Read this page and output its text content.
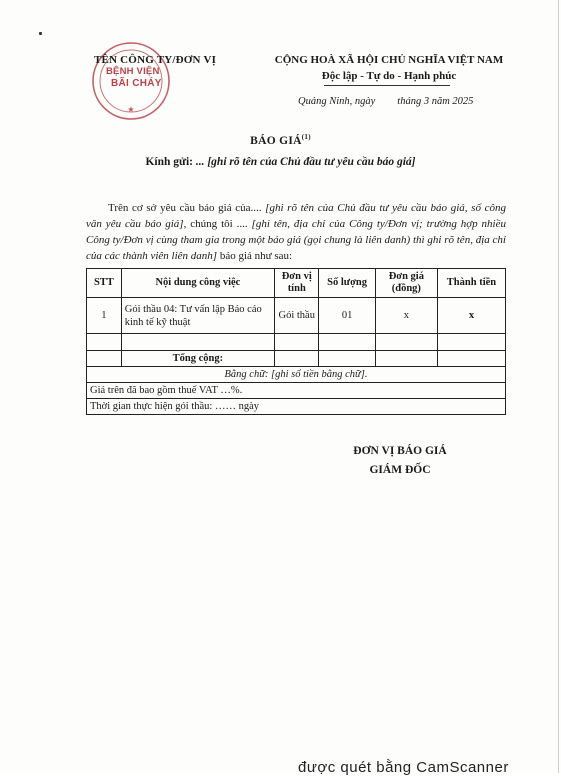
★
TÊN CÔNG TY/ĐƠN VỊ
BỆNH VIỆN
BÃI CHÁY
CỘNG HOÀ XÃ HỘI CHỦ NGHĨA VIỆT NAM
Độc lập - Tự do - Hạnh phúc
Quảng Ninh, ngày tháng 3 năm 2025
BÁO GIÁ$^{(1)}$
Kính gửi: ... [ghi rõ tên của Chủ đầu tư yêu cầu báo giá]
Trên cơ sở yêu cầu báo giá của.... [ghi rõ tên của Chủ đầu tư yêu cầu báo giá, số công văn yêu cầu báo giá], chúng tôi .... [ghi tên, địa chỉ của Công ty/Đơn vị; trường hợp nhiều Công ty/Đơn vị cùng tham gia trong một báo giá (gọi chung là liên danh) thì ghi rõ tên, địa chỉ của các thành viên liên danh] báo giá như sau:
STT	Nội dung công việc	Đơn vị tính	Số lượng	Đơn giá (đồng)	Thành tiền
1	Gói thầu 04: Tư vấn lập Báo cáo kinh tế kỹ thuật	Gói thầu	01	x	x

	Tổng cộng:				
Bằng chữ: [ghi số tiền bằng chữ].					
Giá trên đã bao gồm thuế VAT …%.					
Thời gian thực hiện gói thầu: …… ngày					
ĐƠN VỊ BÁO GIÁ
GIÁM ĐỐC
được quét bằng CamScanner
